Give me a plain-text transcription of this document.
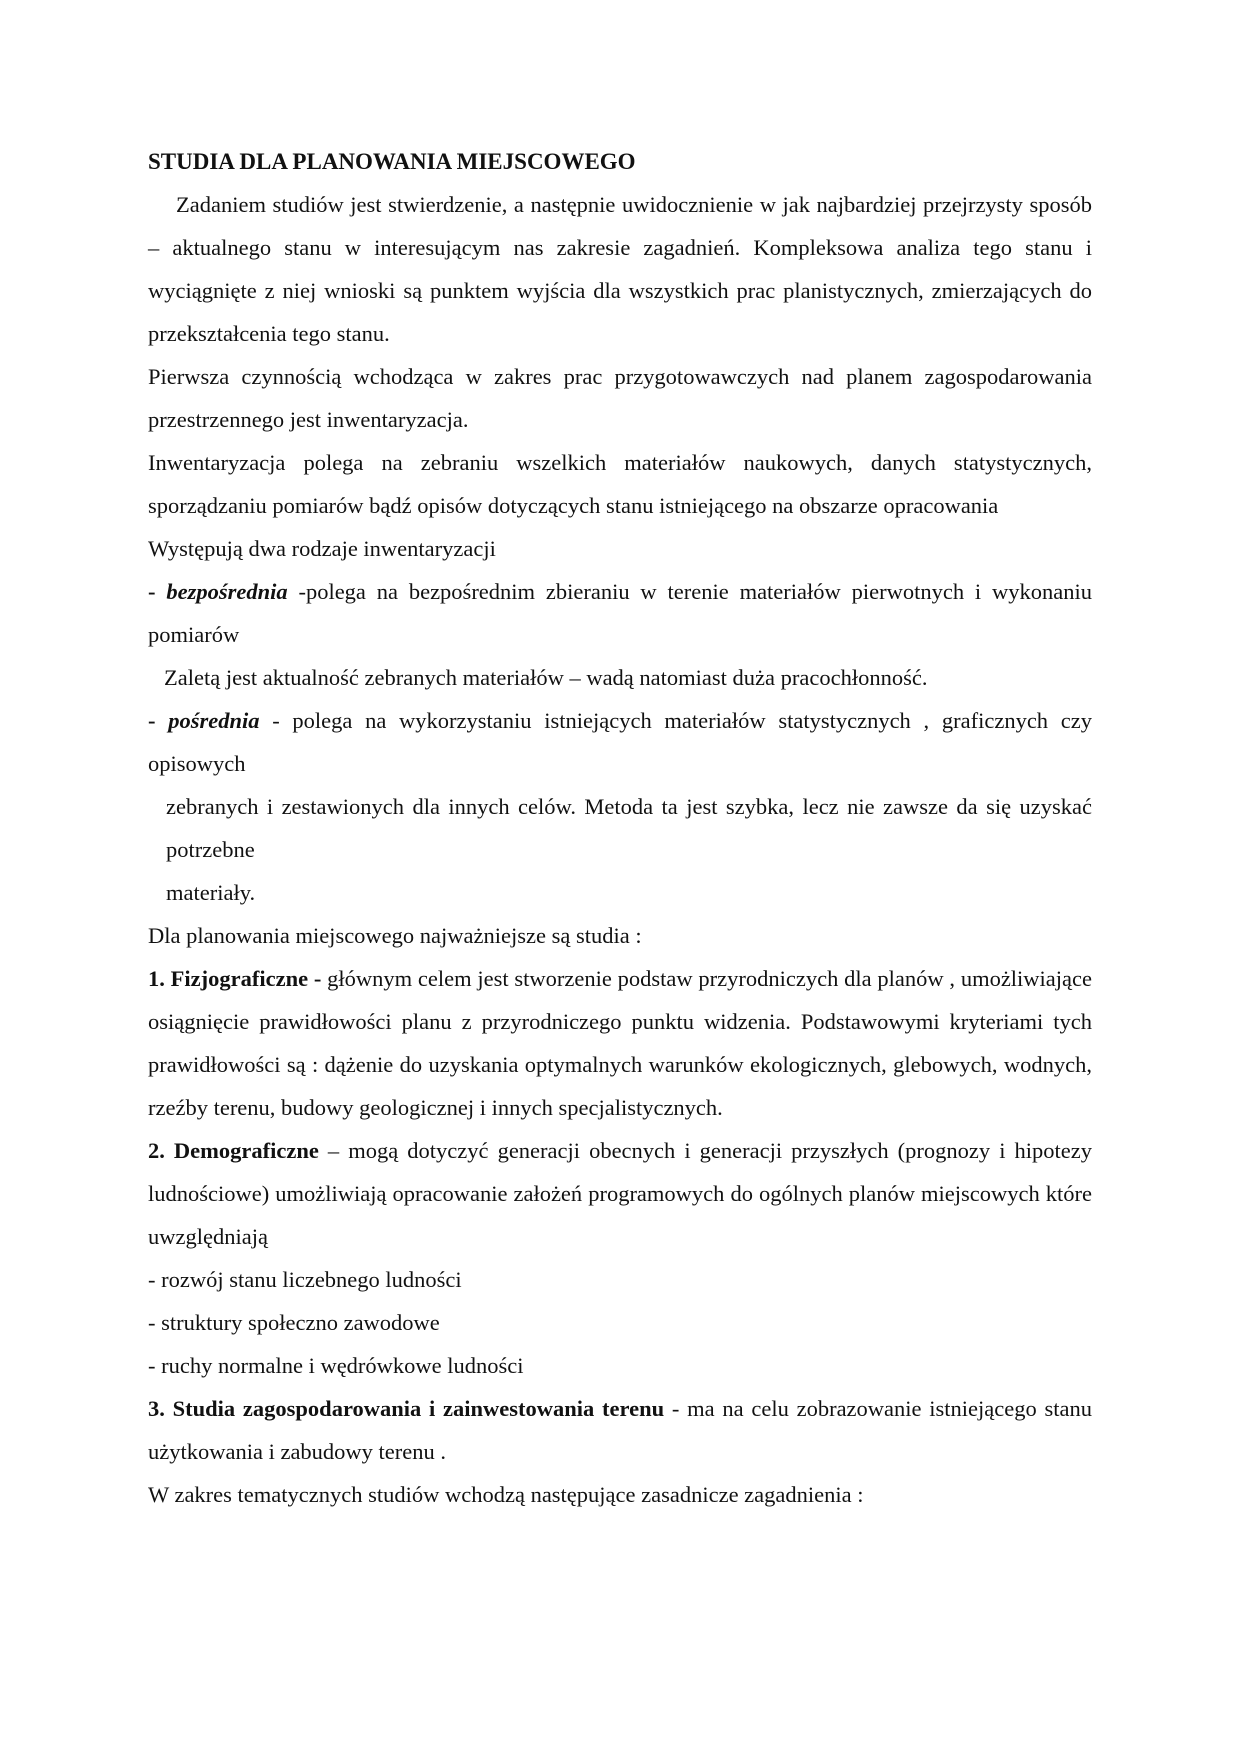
STUDIA DLA PLANOWANIA MIEJSCOWEGO

Zadaniem studiów jest stwierdzenie, a następnie uwidocznienie w jak najbardziej przejrzysty sposób – aktualnego stanu w interesującym nas zakresie zagadnień. Kompleksowa analiza tego stanu i wyciągnięte z niej wnioski są punktem wyjścia dla wszystkich prac planistycznych, zmierzających do przekształcenia tego stanu.

Pierwsza czynnością wchodząca w zakres prac przygotowawczych nad planem zagospodarowania przestrzennego jest inwentaryzacja.

Inwentaryzacja polega na zebraniu wszelkich materiałów naukowych, danych statystycznych, sporządzaniu pomiarów bądź opisów dotyczących stanu istniejącego na obszarze opracowania

Występują dwa rodzaje inwentaryzacji

- bezpośrednia -polega na bezpośrednim zbieraniu w terenie materiałów pierwotnych i wykonaniu pomiarów

Zaletą jest aktualność zebranych materiałów – wadą natomiast duża pracochłonność.

- pośrednia - polega na wykorzystaniu istniejących materiałów statystycznych , graficznych czy opisowych

zebranych i zestawionych dla innych celów. Metoda ta jest szybka, lecz nie zawsze da się uzyskać potrzebne

materiały.

Dla planowania miejscowego najważniejsze są studia :

1. Fizjograficzne - głównym celem jest stworzenie podstaw przyrodniczych dla planów , umożliwiające osiągnięcie prawidłowości planu z przyrodniczego punktu widzenia. Podstawowymi kryteriami tych prawidłowości są : dążenie do uzyskania optymalnych warunków ekologicznych, glebowych, wodnych, rzeźby terenu, budowy geologicznej i innych specjalistycznych.

2. Demograficzne – mogą dotyczyć generacji obecnych i generacji przyszłych (prognozy i hipotezy ludnościowe) umożliwiają opracowanie założeń programowych do ogólnych planów miejscowych które uwzględniają

- rozwój stanu liczebnego ludności

- struktury społeczno zawodowe

- ruchy normalne i wędrówkowe ludności

3. Studia zagospodarowania i zainwestowania terenu - ma na celu zobrazowanie istniejącego stanu użytkowania i zabudowy terenu .

W zakres tematycznych studiów wchodzą następujące zasadnicze zagadnienia :
